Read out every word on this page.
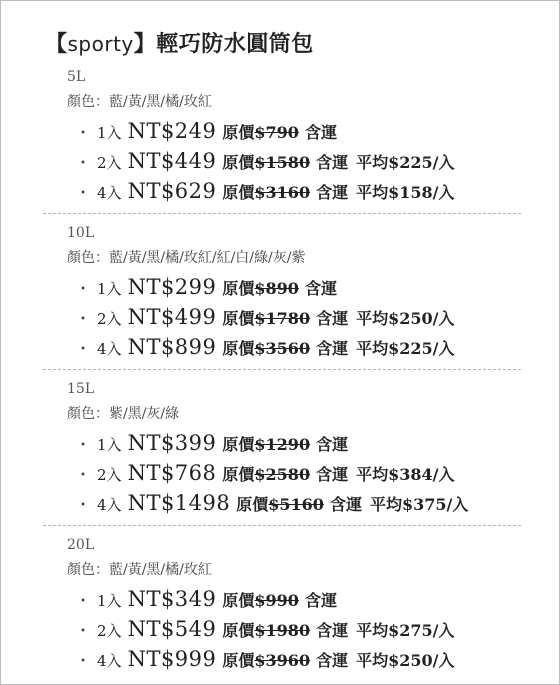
【sporty】輕巧防水圓筒包
5L
顏色：藍/黃/黑/橘/玫紅
・ 1入 NT$249 原價$790 含運
・ 2入 NT$449 原價$1580 含運 平均$225/入
・ 4入 NT$629 原價$3160 含運 平均$158/入
10L
顏色：藍/黃/黑/橘/玫紅/紅/白/綠/灰/紫
・ 1入 NT$299 原價$890 含運
・ 2入 NT$499 原價$1780 含運 平均$250/入
・ 4入 NT$899 原價$3560 含運 平均$225/入
15L
顏色：紫/黑/灰/綠
・ 1入 NT$399 原價$1290 含運
・ 2入 NT$768 原價$2580 含運 平均$384/入
・ 4入 NT$1498 原價$5160 含運 平均$375/入
20L
顏色：藍/黃/黑/橘/玫紅
・ 1入 NT$349 原價$990 含運
・ 2入 NT$549 原價$1980 含運 平均$275/入
・ 4入 NT$999 原價$3960 含運 平均$250/入
